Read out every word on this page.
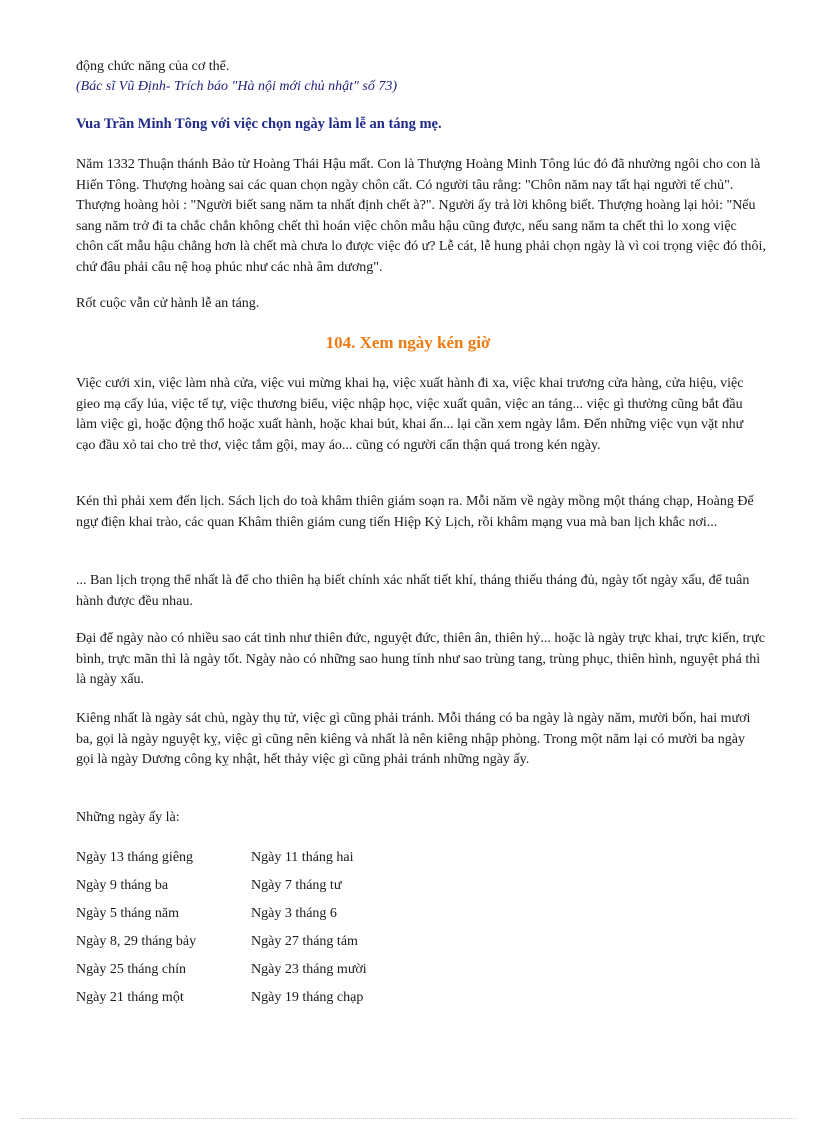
động chức năng của cơ thể.
(Bác sĩ Vũ Định- Trích báo "Hà nội mới chủ nhật" số 73)
Vua Trần Minh Tông với việc chọn ngày làm lễ an táng mẹ.

Năm 1332 Thuận thánh Bảo từ Hoàng Thái Hậu mất. Con là Thượng Hoàng Minh Tông lúc đó đã nhường ngôi cho con là Hiến Tông. Thượng hoàng sai các quan chọn ngày chôn cất. Có người tâu rằng: "Chôn năm nay tất hại người tế chủ". Thượng hoàng hỏi : "Người biết sang năm ta nhất định chết à?". Người ấy trả lời không biết. Thượng hoàng lại hỏi: "Nếu sang năm trở đi ta chắc chắn không chết thì hoán việc chôn mẫu hậu cũng được, nếu sang năm ta chết thì lo xong việc chôn cất mẫu hậu chẳng hơn là chết mà chưa lo được việc đó ư? Lễ cát, lễ hung phải chọn ngày là vì coi trọng việc đó thôi, chứ đâu phải câu nệ hoạ phúc như các nhà âm dương".

Rốt cuộc vẫn cử hành lễ an táng.

104. Xem ngày kén giờ

Việc cưới xin, việc làm nhà cửa, việc vui mừng khai hạ, việc xuất hành đi xa, việc khai trương cửa hàng, cửa hiệu, việc gieo mạ cấy lúa, việc tế tự, việc thương biểu, việc nhập học, việc xuất quân, việc an táng... việc gì thường cũng bắt đầu làm việc gì, hoặc động thổ hoặc xuất hành, hoặc khai bút, khai ấn... lại cần xem ngày lắm. Đến những việc vụn vặt như cạo đầu xỏ tai cho trẻ thơ, việc tắm gội, may áo... cũng có người cẩn thận quá trong kén ngày.

Kén thì phải xem đến lịch. Sách lịch do toà khâm thiên giám soạn ra. Mỗi năm về ngày mồng một tháng chạp, Hoàng Đế ngự điện khai trào, các quan Khâm thiên giám cung tiến Hiệp Kỷ Lịch, rồi khâm mạng vua mà ban lịch khắc nơi...

... Ban lịch trọng thể nhất là để cho thiên hạ biết chính xác nhất tiết khí, tháng thiếu tháng đủ, ngày tốt ngày xấu, để tuân hành được đều nhau.

Đại để ngày nào có nhiều sao cát tinh như thiên đức, nguyệt đức, thiên ân, thiên hỷ... hoặc là ngày trực khai, trực kiến, trực bình, trực mãn thì là ngày tốt. Ngày nào có những sao hung tính như sao trùng tang, trùng phục, thiên hình, nguyệt phá thì là ngày xấu.

Kiêng nhất là ngày sát chủ, ngày thụ tử, việc gì cũng phải tránh. Mỗi tháng có ba ngày là ngày năm, mười bốn, hai mươi ba, gọi là ngày nguyệt kỵ, việc gì cũng nên kiêng và nhất là nên kiêng nhập phòng. Trong một năm lại có mười ba ngày gọi là ngày Dương công kỵ nhật, hết thảy việc gì cũng phải tránh những ngày ấy.

Những ngày ấy là:

Ngày 13 tháng giêng	Ngày 11 tháng hai
Ngày 9 tháng ba	Ngày 7 tháng tư
Ngày 5 tháng năm	Ngày 3 tháng 6
Ngày 8, 29 tháng bảy	Ngày 27 tháng tám
Ngày 25 tháng chín	Ngày 23 tháng mười
Ngày 21 tháng một	Ngày 19 tháng chạp
